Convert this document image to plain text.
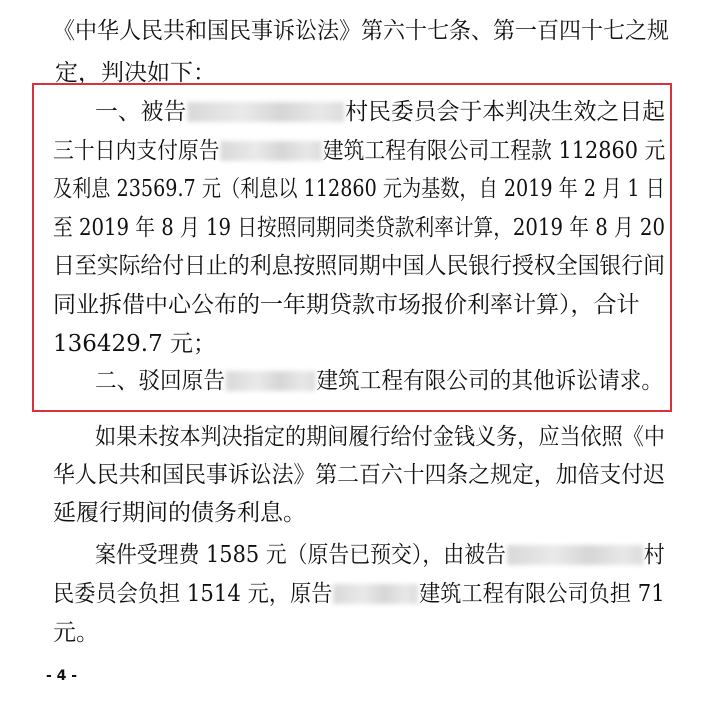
《中华人民共和国民事诉讼法》第六十七条、第一百四十七之规
定，判决如下：
一、被告	村民委员会于本判决生效之日起
三十日内支付原告	建筑工程有限公司工程款 112860 元
及利息 23569.7 元（利息以 112860 元为基数，自 2019 年 2 月 1 日
至 2019 年 8 月 19 日按照同期同类贷款利率计算，2019 年 8 月 20
日至实际给付日止的利息按照同期中国人民银行授权全国银行间
同业拆借中心公布的一年期贷款市场报价利率计算），合计
136429.7 元；
二、驳回原告	建筑工程有限公司的其他诉讼请求。
如果未按本判决指定的期间履行给付金钱义务，应当依照《中
华人民共和国民事诉讼法》第二百六十四条之规定，加倍支付迟
延履行期间的债务利息。
案件受理费 1585 元（原告已预交），由被告	村
民委员会负担 1514 元，原告	建筑工程有限公司负担 71
元。
- 4 -
